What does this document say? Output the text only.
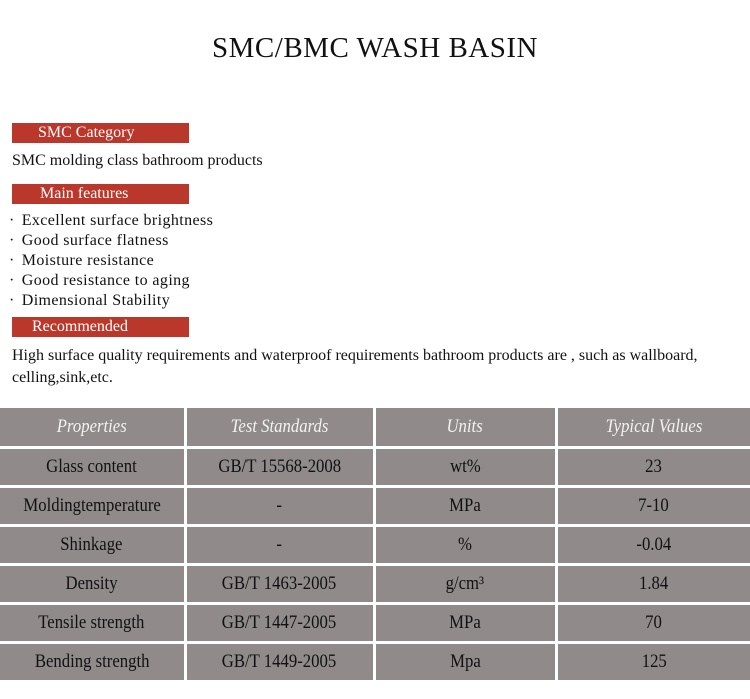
SMC/BMC WASH BASIN
SMC Category
SMC molding class bathroom products
Main features
· Excellent surface brightness
· Good surface flatness
· Moisture resistance
· Good resistance to aging
· Dimensional Stability
Recommended
High surface quality requirements and waterproof requirements bathroom products are , such as wallboard, celling,sink,etc.
Properties	Test Standards	Units	Typical Values
Glass content	GB/T 15568-2008	wt%	23
Moldingtemperature	-	MPa	7-10
Shinkage	-	%	-0.04
Density	GB/T 1463-2005	g/cm³	1.84
Tensile strength	GB/T 1447-2005	MPa	70
Bending strength	GB/T 1449-2005	Mpa	125
